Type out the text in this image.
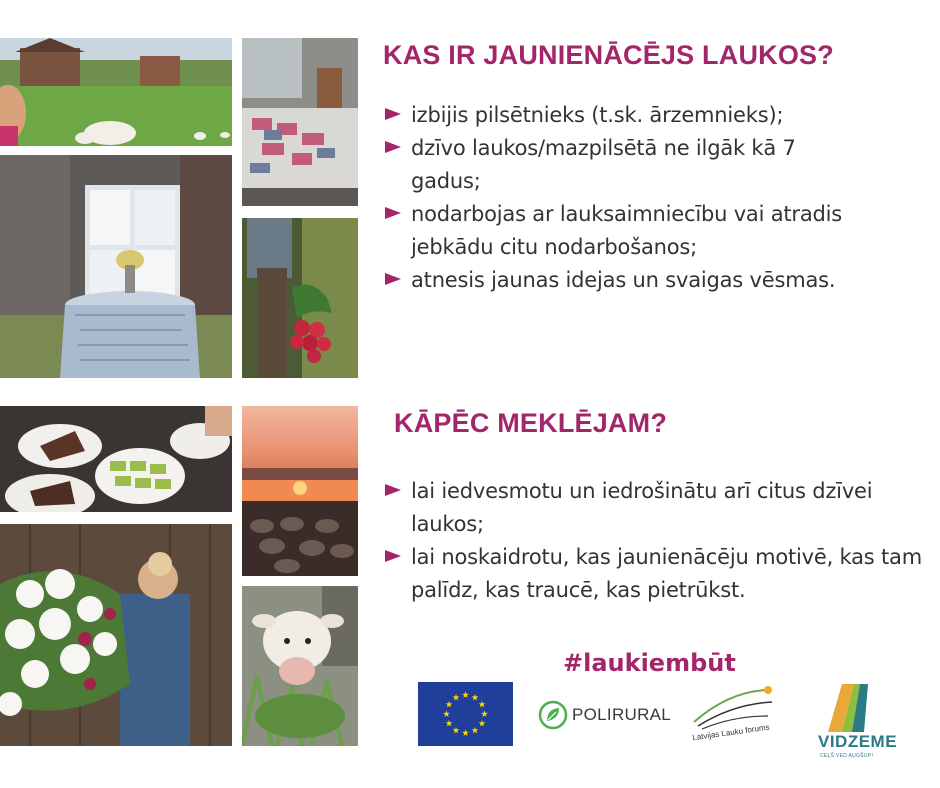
KAS IR JAUNIENĀCĒJS LAUKOS?
izbijis pilsētnieks (t.sk. ārzemnieks);
dzīvo laukos/mazpilsētā ne ilgāk kā 7 gadus;
nodarbojas ar lauksaimniecību vai atradis jebkādu citu nodarbošanos;
atnesis jaunas idejas un svaigas vēsmas.
KĀPĒC MEKLĒJAM?
lai iedvesmotu un iedrošinātu arī citus dzīvei laukos;
lai noskaidrotu, kas jaunienācēju motivē, kas tam palīdz, kas traucē, kas pietrūkst.

#laukiembūt

POLIRURAL
Latvijas Lauku forums	VIDZEME
CEĻŠ VED AUGŠUP!
